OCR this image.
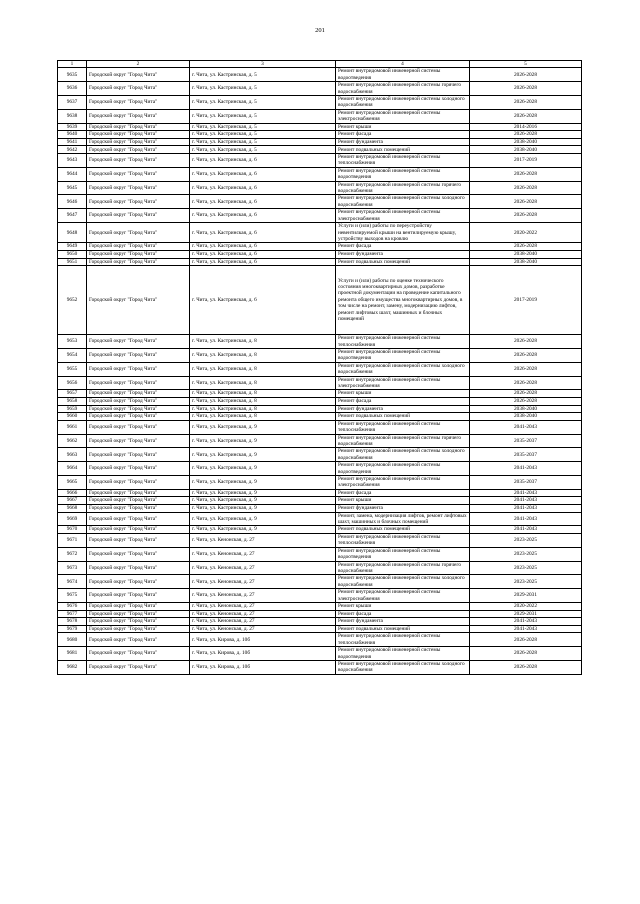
201
1	2	3	4	5
9635	Городской округ "Город Чита"	г. Чита, ул. Кастринская, д. 5	Ремонт внутридомовой инженерной системы водоотведения	2026-2028
9636	Городской округ "Город Чита"	г. Чита, ул. Кастринская, д. 5	Ремонт внутридомовой инженерной системы горячего водоснабжения	2026-2028
9637	Городской округ "Город Чита"	г. Чита, ул. Кастринская, д. 5	Ремонт внутридомовой инженерной системы холодного водоснабжения	2026-2028
9638	Городской округ "Город Чита"	г. Чита, ул. Кастринская, д. 5	Ремонт внутридомовой инженерной системы электроснабжения	2026-2028
9639	Городской округ "Город Чита"	г. Чита, ул. Кастринская, д. 5	Ремонт крыши	2014-2016
9640	Городской округ "Город Чита"	г. Чита, ул. Кастринская, д. 5	Ремонт фасада	2026-2028
9641	Городской округ "Город Чита"	г. Чита, ул. Кастринская, д. 5	Ремонт фундамента	2038-2040
9642	Городской округ "Город Чита"	г. Чита, ул. Кастринская, д. 5	Ремонт подвальных помещений	2038-2040
9643	Городской округ "Город Чита"	г. Чита, ул. Кастринская, д. 6	Ремонт внутридомовой инженерной системы теплоснабжения	2017-2019
9644	Городской округ "Город Чита"	г. Чита, ул. Кастринская, д. 6	Ремонт внутридомовой инженерной системы водоотведения	2026-2028
9645	Городской округ "Город Чита"	г. Чита, ул. Кастринская, д. 6	Ремонт внутридомовой инженерной системы горячего водоснабжения	2026-2028
9646	Городской округ "Город Чита"	г. Чита, ул. Кастринская, д. 6	Ремонт внутридомовой инженерной системы холодного водоснабжения	2026-2028
9647	Городской округ "Город Чита"	г. Чита, ул. Кастринская, д. 6	Ремонт внутридомовой инженерной системы электроснабжения	2026-2028
9648	Городской округ "Город Чита"	г. Чита, ул. Кастринская, д. 6	Услуги и (или) работы по переустройству невентилируемой крыши на вентилируемую крышу, устройству выходов на кровлю	2020-2022
9649	Городской округ "Город Чита"	г. Чита, ул. Кастринская, д. 6	Ремонт фасада	2026-2028
9650	Городской округ "Город Чита"	г. Чита, ул. Кастринская, д. 6	Ремонт фундамента	2038-2040
9651	Городской округ "Город Чита"	г. Чита, ул. Кастринская, д. 6	Ремонт подвальных помещений	2038-2040
9652	Городской округ "Город Чита"	г. Чита, ул. Кастринская, д. 6	Услуги и (или) работы по оценке технического состояния многоквартирных домов, разработке проектной документации на проведение капитального ремонта общего имущества многоквартирных домов, в том числе на ремонт, замену, модернизацию лифтов, ремонт лифтовых шахт, машинных и блочных помещений	2017-2019
9653	Городской округ "Город Чита"	г. Чита, ул. Кастринская, д. 8	Ремонт внутридомовой инженерной системы теплоснабжения	2026-2028
9654	Городской округ "Город Чита"	г. Чита, ул. Кастринская, д. 8	Ремонт внутридомовой инженерной системы водоотведения	2026-2028
9655	Городской округ "Город Чита"	г. Чита, ул. Кастринская, д. 8	Ремонт внутридомовой инженерной системы холодного водоснабжения	2026-2028
9656	Городской округ "Город Чита"	г. Чита, ул. Кастринская, д. 8	Ремонт внутридомовой инженерной системы электроснабжения	2026-2028
9657	Городской округ "Город Чита"	г. Чита, ул. Кастринская, д. 8	Ремонт крыши	2026-2028
9658	Городской округ "Город Чита"	г. Чита, ул. Кастринская, д. 8	Ремонт фасада	2026-2028
9659	Городской округ "Город Чита"	г. Чита, ул. Кастринская, д. 8	Ремонт фундамента	2038-2040
9660	Городской округ "Город Чита"	г. Чита, ул. Кастринская, д. 8	Ремонт подвальных помещений	2038-2040
9661	Городской округ "Город Чита"	г. Чита, ул. Кастринская, д. 9	Ремонт внутридомовой инженерной системы теплоснабжения	2041-2043
9662	Городской округ "Город Чита"	г. Чита, ул. Кастринская, д. 9	Ремонт внутридомовой инженерной системы горячего водоснабжения	2035-2037
9663	Городской округ "Город Чита"	г. Чита, ул. Кастринская, д. 9	Ремонт внутридомовой инженерной системы холодного водоснабжения	2035-2037
9664	Городской округ "Город Чита"	г. Чита, ул. Кастринская, д. 9	Ремонт внутридомовой инженерной системы водоотведения	2041-2043
9665	Городской округ "Город Чита"	г. Чита, ул. Кастринская, д. 9	Ремонт внутридомовой инженерной системы электроснабжения	2035-2037
9666	Городской округ "Город Чита"	г. Чита, ул. Кастринская, д. 9	Ремонт фасада	2041-2043
9667	Городской округ "Город Чита"	г. Чита, ул. Кастринская, д. 9	Ремонт крыши	2041-2043
9668	Городской округ "Город Чита"	г. Чита, ул. Кастринская, д. 9	Ремонт фундамента	2041-2043
9669	Городской округ "Город Чита"	г. Чита, ул. Кастринская, д. 9	Ремонт, замена, модернизация лифтов, ремонт лифтовых шахт, машинных и блочных помещений	2041-2043
9670	Городской округ "Город Чита"	г. Чита, ул. Кастринская, д. 9	Ремонт подвальных помещений	2041-2043
9671	Городской округ "Город Чита"	г. Чита, ул. Кенонская, д. 27	Ремонт внутридомовой инженерной системы теплоснабжения	2023-2025
9672	Городской округ "Город Чита"	г. Чита, ул. Кенонская, д. 27	Ремонт внутридомовой инженерной системы водоотведения	2023-2025
9673	Городской округ "Город Чита"	г. Чита, ул. Кенонская, д. 27	Ремонт внутридомовой инженерной системы горячего водоснабжения	2023-2025
9674	Городской округ "Город Чита"	г. Чита, ул. Кенонская, д. 27	Ремонт внутридомовой инженерной системы холодного водоснабжения	2023-2025
9675	Городской округ "Город Чита"	г. Чита, ул. Кенонская, д. 27	Ремонт внутридомовой инженерной системы электроснабжения	2029-2031
9676	Городской округ "Город Чита"	г. Чита, ул. Кенонская, д. 27	Ремонт крыши	2020-2022
9677	Городской округ "Город Чита"	г. Чита, ул. Кенонская, д. 27	Ремонт фасада	2029-2031
9678	Городской округ "Город Чита"	г. Чита, ул. Кенонская, д. 27	Ремонт фундамента	2041-2043
9679	Городской округ "Город Чита"	г. Чита, ул. Кенонская, д. 27	Ремонт подвальных помещений	2041-2043
9680	Городской округ "Город Чита"	г. Чита, ул. Кирова, д. 10б	Ремонт внутридомовой инженерной системы теплоснабжения	2026-2028
9681	Городской округ "Город Чита"	г. Чита, ул. Кирова, д. 10б	Ремонт внутридомовой инженерной системы водоотведения	2026-2028
9682	Городской округ "Город Чита"	г. Чита, ул. Кирова, д. 10б	Ремонт внутридомовой инженерной системы холодного водоснабжения	2026-2028
